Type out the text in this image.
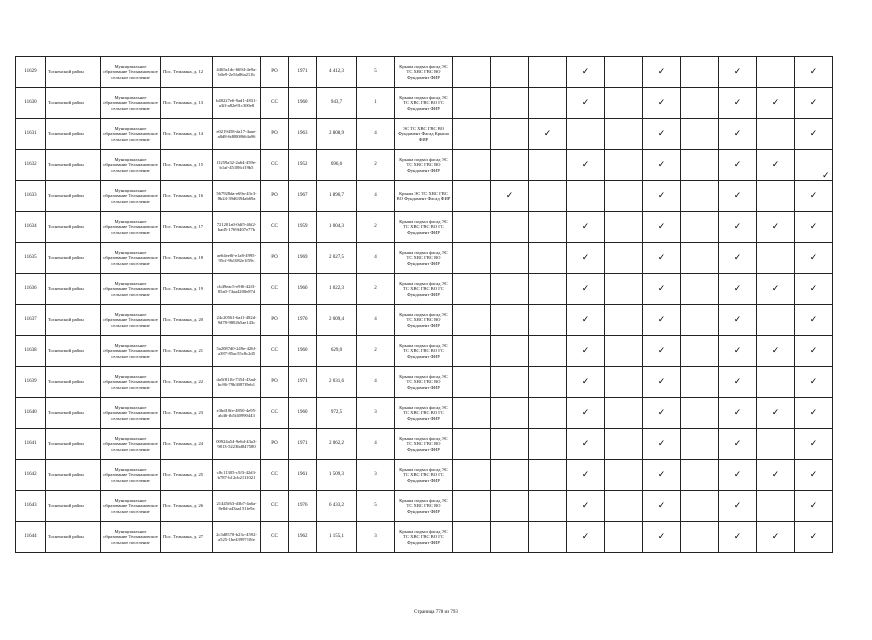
11629	Тосненский район	Муниципальное образование Тельмановское сельское поселение	Пос. Тельмана, д. 12	4465a1dc-6694-4e9a-b0e9-2e5fa86a211b	РО	1971	4 412,3	5	Крыша подвал фасад ЭС ТС ХВС ГВС ВО Фундамент ФИР				✓		✓		✓		✓
11630	Тосненский район	Муниципальное образование Тельмановское сельское поселение	Пос. Тельмана, д. 13	b48227e6-9ad1-4831-a3ff-a82e91c300e8	СС	1960	943,7	1	Крыша подвал фасад ЭС ТС ХВС ГВС ВО ГС Фундамент ФИР				✓		✓		✓	✓	✓
11631	Тосненский район	Муниципальное образование Тельмановское сельское поселение	Пос. Тельмана, д. 14	e0219458-da17-4aae-a8d8-6d8008664a96	РО	1963	2 808,9	4	ЭС ТС ХВС ГВС ВО Фундамент Фасад Крыша ФИР			✓			✓		✓		✓
11632	Тосненский район	Муниципальное образование Тельмановское сельское поселение	Пос. Тельмана, д. 15	f1259a32-2a64-459e-b1af-45188cf19b5	СС	1952	696,6	2	Крыша подвал фасад ЭС ТС ХВС ГВС ВО Фундамент ФИР				✓		✓		✓	✓	
11633	Тосненский район	Муниципальное образование Тельмановское сельское поселение	Пос. Тельмана, д. 16	567928da-e69a-43c3-8b24-39d6394ab69a	РО	1967	1 896,7	4	Крыша ЭС ТС ХВС ГВС ВО Фундамент Фасад ФИР		✓				✓		✓		✓
11634	Тосненский район	Муниципальное образование Тельмановское сельское поселение	Пос. Тельмана, д. 17	721201a0-0df5-46f2-bad5-1769f407e77b	СС	1959	1 004,3	2	Крыша подвал фасад ЭС ТС ХВС ГВС ВО ГС Фундамент ФИР				✓		✓		✓	✓	✓
11635	Тосненский район	Муниципальное образование Тельмановское сельское поселение	Пос. Тельмана, д. 18	ae64ee8f-e1a8-4995-95cf-9b1082e1f59c	РО	1969	2 027,5	4	Крыша подвал фасад ЭС ТС ХВС ГВС ВО Фундамент ФИР				✓		✓		✓		✓
11636	Тосненский район	Муниципальное образование Тельмановское сельское поселение	Пос. Тельмана, д. 19	cb49eac5-e9f6-42f3-85a0-74aa4200e87d	СС	1960	1 022,3	2	Крыша подвал фасад ЭС ТС ХВС ГВС ВО ГС Фундамент ФИР				✓		✓		✓	✓	✓
11637	Тосненский район	Муниципальное образование Тельмановское сельское поселение	Пос. Тельмана, д. 20	24c20561-6af1-482d-9d78-9802b5ae143c	РО	1970	2 009,4	4	Крыша подвал фасад ЭС ТС ХВС ГВС ВО Фундамент ФИР				✓		✓		✓		✓
11638	Тосненский район	Муниципальное образование Тельмановское сельское поселение	Пос. Тельмана, д. 21	5a2087d0-249e-426f-a387-85ac55c8c2d5	СС	1960	629,0	2	Крыша подвал фасад ЭС ТС ХВС ГВС ВО ГС Фундамент ФИР				✓		✓		✓	✓	✓
11639	Тосненский район	Муниципальное образование Тельмановское сельское поселение	Пос. Тельмана, д. 22	da5f811b-7354-43ad-bc86-79b3087f9eb1	РО	1971	2 031,6	4	Крыша подвал фасад ЭС ТС ХВС ГВС ВО Фундамент ФИР				✓		✓		✓		✓
11640	Тосненский район	Муниципальное образование Тельмановское сельское поселение	Пос. Тельмана, д. 23	e3bd10fe-4850-4e95-ab46-fb5f40990443	СС	1960	972,5	3	Крыша подвал фасад ЭС ТС ХВС ГВС ВО ГС Фундамент ФИР				✓		✓		✓	✓	✓
11641	Тосненский район	Муниципальное образование Тельмановское сельское поселение	Пос. Тельмана, д. 24	00924a54-9e6d-43a3-9813-52236d847580	РО	1971	2 062,2	4	Крыша подвал фасад ЭС ТС ХВС ГВС ВО Фундамент ФИР				✓		✓		✓		✓
11642	Тосненский район	Муниципальное образование Тельмановское сельское поселение	Пос. Тельмана, д. 25	c8c11305-c5f3-42d3-b787-b12cb2111021	СС	1961	1 509,3	3	Крыша подвал фасад ЭС ТС ХВС ГВС ВО ГС Фундамент ФИР				✓		✓		✓	✓	✓
11643	Тосненский район	Муниципальное образование Тельмановское сельское поселение	Пос. Тельмана, д. 26	21445f63-d3b7-4a6a-8e8d-a43aa151fe9a	СС	1976	6 433,2	5	Крыша подвал фасад ЭС ТС ХВС ГВС ВО Фундамент ФИР				✓		✓		✓		✓
11644	Тосненский район	Муниципальное образование Тельмановское сельское поселение	Пос. Тельмана, д. 27	2c3d8570-b23c-4592-a525-1be4399710fe	СС	1962	1 155,1	3	Крыша подвал фасад ЭС ТС ХВС ГВС ВО ГС Фундамент ФИР				✓		✓		✓	✓	✓
✓
Страница 778 из 793
